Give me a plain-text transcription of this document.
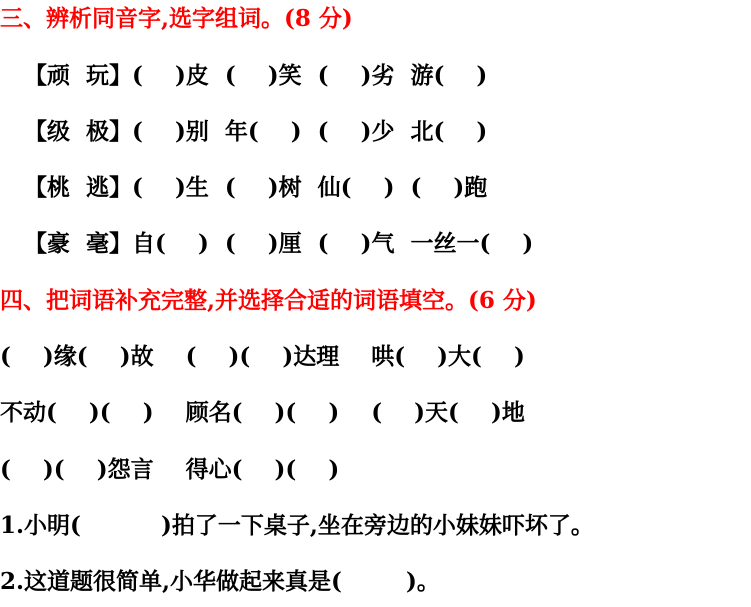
三、辨析同音字,选字组词。(8 分)
【顽  玩】(    )皮  (    )笑  (    )劣  游(    )
【级  极】(    )别  年(    )  (    )少  北(    )
【桃  逃】(    )生  (    )树  仙(    )  (    )跑
【豪  毫】自(    )  (    )厘  (    )气  一丝一(    )
四、把词语补充完整,并选择合适的词语填空。(6 分)
(    )缘(    )故    (    )(    )达理    哄(    )大(    )
不动(    )(    )    顾名(    )(    )    (    )天(    )地
(    )(    )怨言    得心(    )(    )
1.小明(          )拍了一下桌子,坐在旁边的小妹妹吓坏了。
2.这道题很简单,小华做起来真是(        )。
